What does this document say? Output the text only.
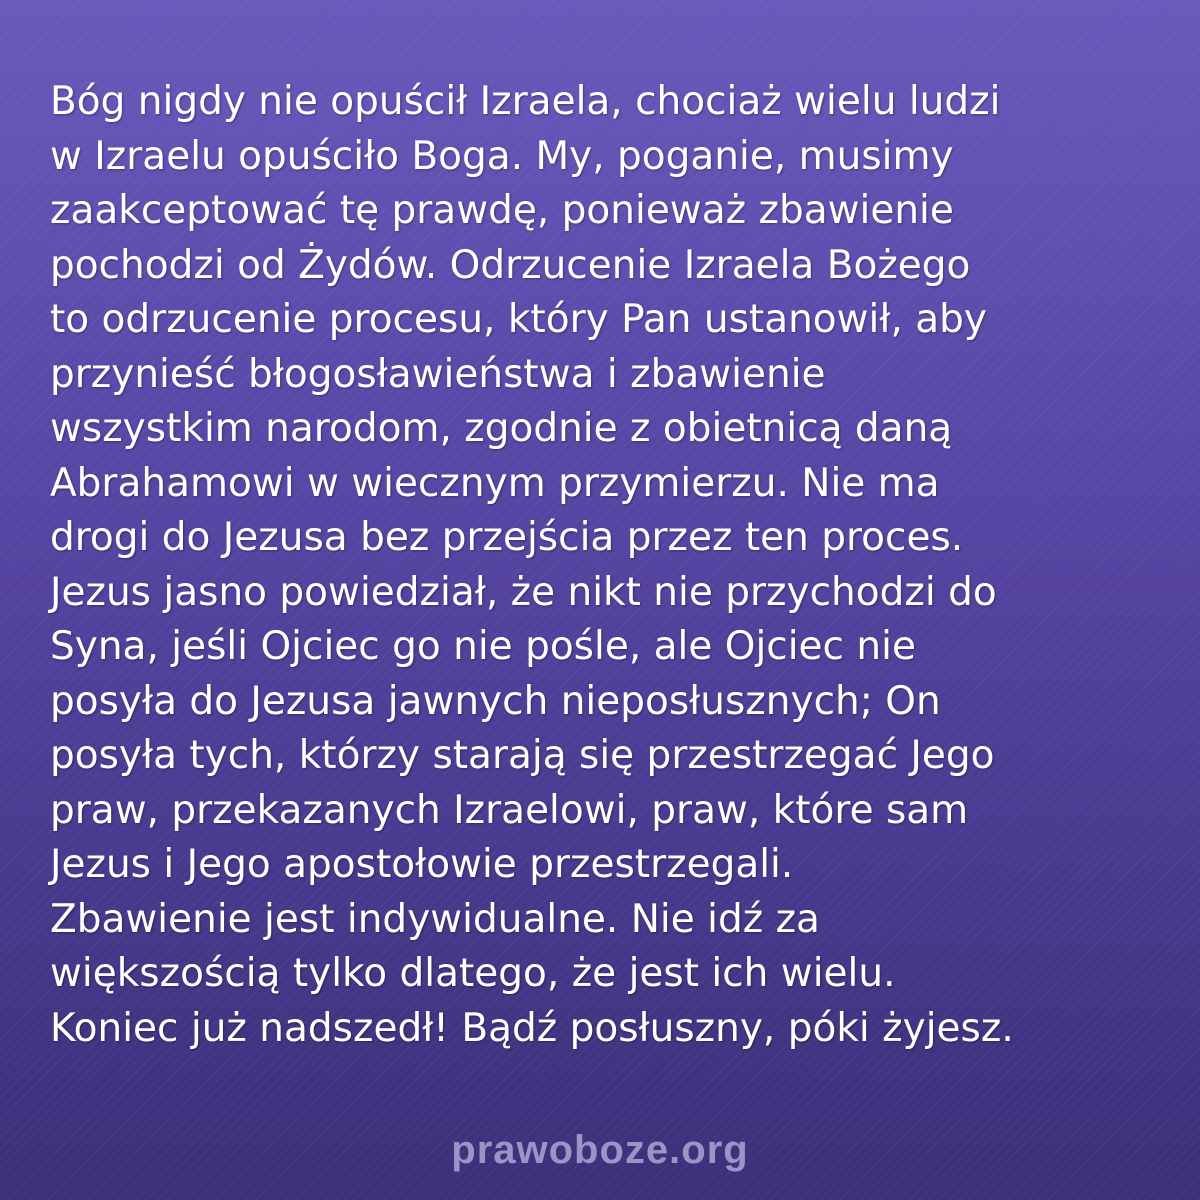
Bóg nigdy nie opuścił Izraela, chociaż wielu ludzi
w Izraelu opuściło Boga. My, poganie, musimy
zaakceptować tę prawdę, ponieważ zbawienie
pochodzi od Żydów. Odrzucenie Izraela Bożego
to odrzucenie procesu, który Pan ustanowił, aby
przynieść błogosławieństwa i zbawienie
wszystkim narodom, zgodnie z obietnicą daną
Abrahamowi w wiecznym przymierzu. Nie ma
drogi do Jezusa bez przejścia przez ten proces.
Jezus jasno powiedział, że nikt nie przychodzi do
Syna, jeśli Ojciec go nie pośle, ale Ojciec nie
posyła do Jezusa jawnych nieposłusznych; On
posyła tych, którzy starają się przestrzegać Jego
praw, przekazanych Izraelowi, praw, które sam
Jezus i Jego apostołowie przestrzegali.
Zbawienie jest indywidualne. Nie idź za
większością tylko dlatego, że jest ich wielu.
Koniec już nadszedł! Bądź posłuszny, póki żyjesz.
prawoboze.org
